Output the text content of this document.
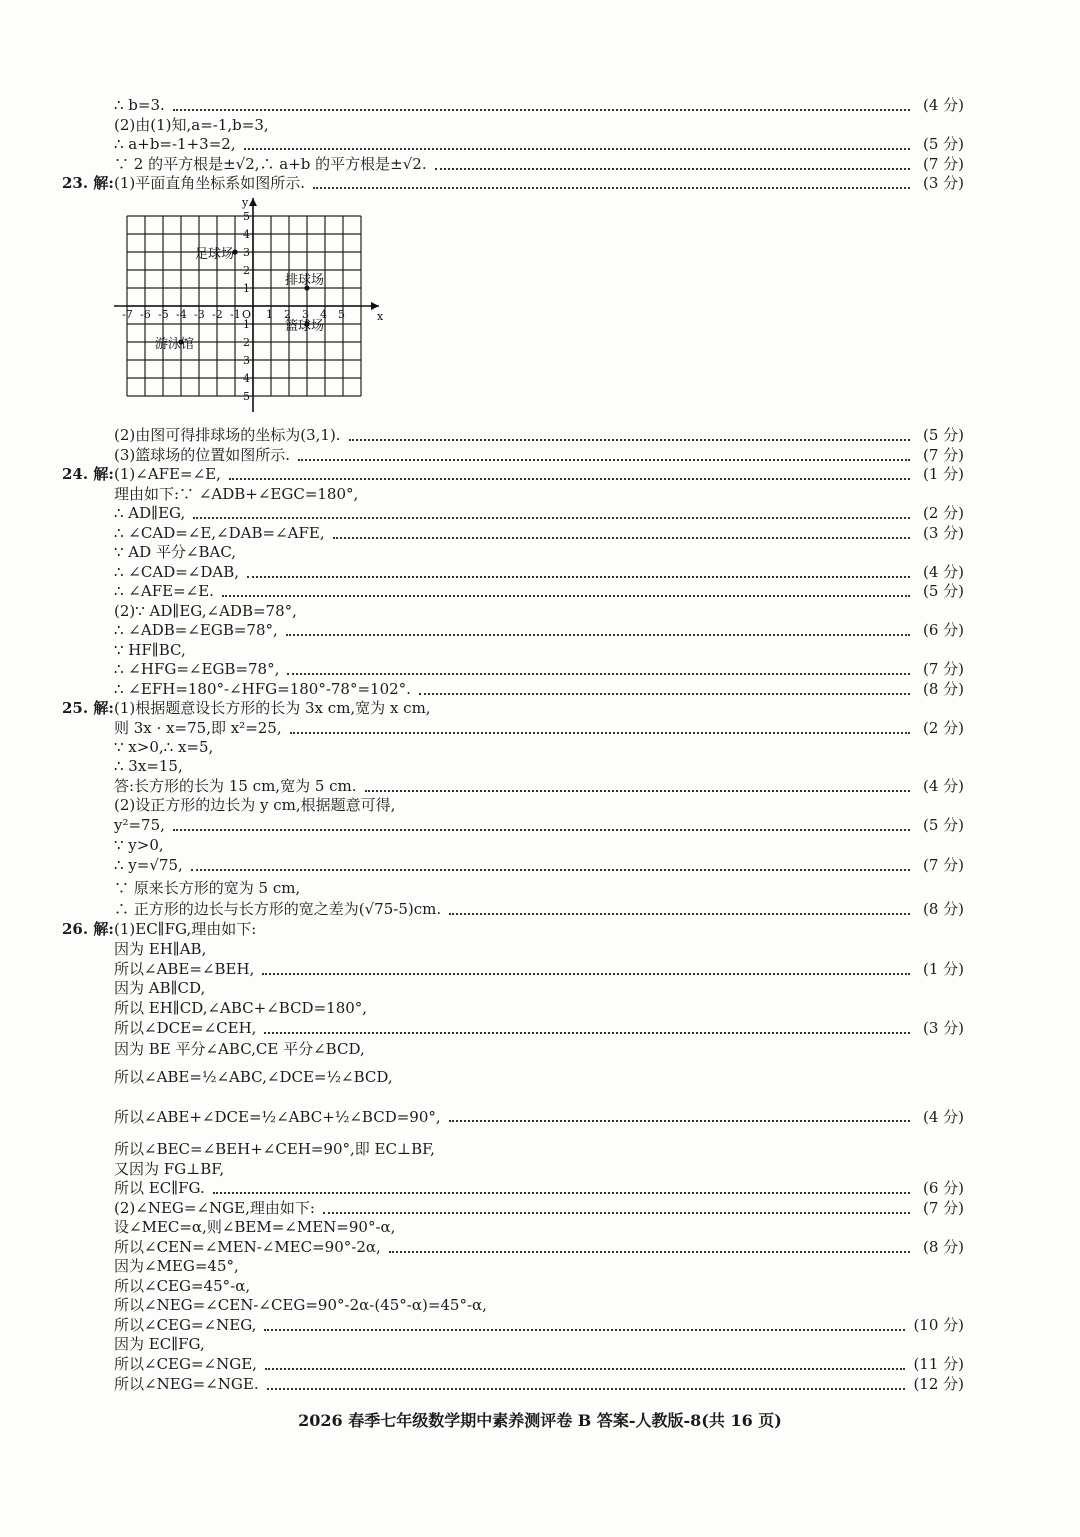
∴ b=3.	(4 分)
(2)由(1)知,a=-1,b=3,
∴ a+b=-1+3=2,	(5 分)
∵ 2 的平方根是±√2,∴ a+b 的平方根是±√2.	(7 分)
23. 解: (1)平面直角坐标系如图所示.	(3 分)
(2)由图可得排球场的坐标为(3,1).	(5 分)
(3)篮球场的位置如图所示.	(7 分)
24. 解: (1)∠AFE=∠E,	(1 分)
理由如下:∵ ∠ADB+∠EGC=180°,
∴ AD∥EG,	(2 分)
∴ ∠CAD=∠E,∠DAB=∠AFE,	(3 分)
∵ AD 平分∠BAC,
∴ ∠CAD=∠DAB,	(4 分)
∴ ∠AFE=∠E.	(5 分)
(2)∵ AD∥EG,∠ADB=78°,
∴ ∠ADB=∠EGB=78°,	(6 分)
∵ HF∥BC,
∴ ∠HFG=∠EGB=78°,	(7 分)
∴ ∠EFH=180°-∠HFG=180°-78°=102°.	(8 分)
25. 解: (1)根据题意设长方形的长为 3x cm,宽为 x cm,
则 3x · x=75,即 x²=25,	(2 分)
∵ x>0,∴ x=5,
∴ 3x=15,
答:长方形的长为 15 cm,宽为 5 cm.	(4 分)
(2)设正方形的边长为 y cm,根据题意可得,
y²=75,	(5 分)
∵ y>0,
∴ y=√75,	(7 分)
∵ 原来长方形的宽为 5 cm,
∴ 正方形的边长与长方形的宽之差为(√75-5)cm.	(8 分)
26. 解: (1)EC∥FG,理由如下:
因为 EH∥AB,
所以∠ABE=∠BEH,	(1 分)
因为 AB∥CD,
所以 EH∥CD,∠ABC+∠BCD=180°,
所以∠DCE=∠CEH,	(3 分)
因为 BE 平分∠ABC,CE 平分∠BCD,
所以∠ABE=½∠ABC,∠DCE=½∠BCD,
所以∠ABE+∠DCE=½∠ABC+½∠BCD=90°,	(4 分)
所以∠BEC=∠BEH+∠CEH=90°,即 EC⊥BF,
又因为 FG⊥BF,
所以 EC∥FG.	(6 分)
(2)∠NEG=∠NGE,理由如下:	(7 分)
设∠MEC=α,则∠BEM=∠MEN=90°-α,
所以∠CEN=∠MEN-∠MEC=90°-2α,	(8 分)
因为∠MEG=45°,
所以∠CEG=45°-α,
所以∠NEG=∠CEN-∠CEG=90°-2α-(45°-α)=45°-α,
所以∠CEG=∠NEG,	(10 分)
因为 EC∥FG,
所以∠CEG=∠NGE,	(11 分)
所以∠NEG=∠NGE.	(12 分)
x
y
O
-7 -6 -5 -4 -3 -2 -1 1 2 3 4 5
5
4
3
2
1
1
2
3
4
5
足球场
排球场
篮球场
游泳馆
2026 春季七年级数学期中素养测评卷 B 答案-人教版-8(共 16 页)
